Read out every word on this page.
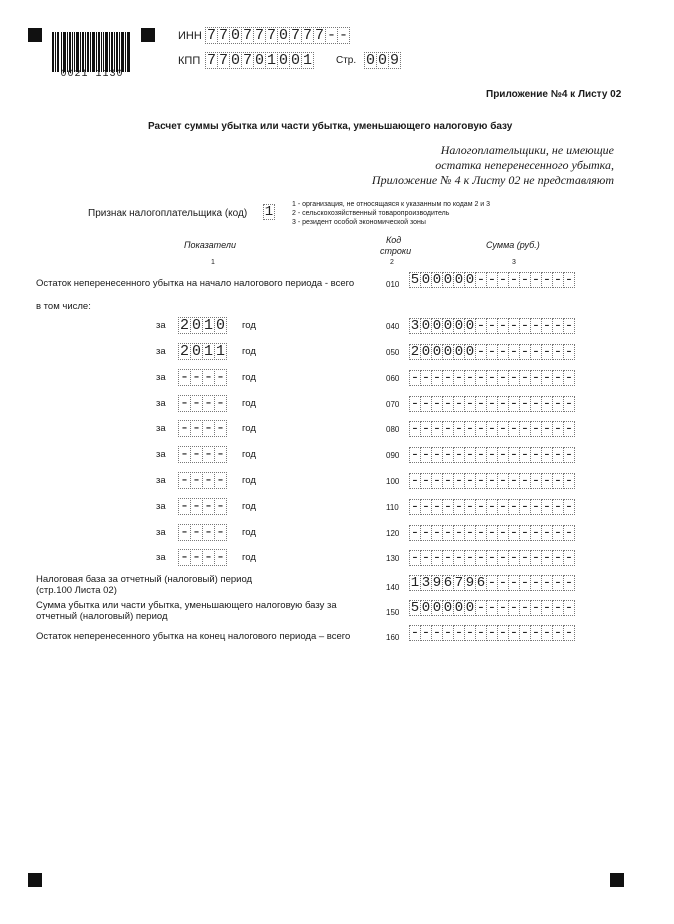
0021 1130
ИНН 7 7 0 7 7 7 0 7 7 7 - -
КПП 7 7 0 7 0 1 0 0 1 Стр. 0 0 9
Приложение №4 к Листу 02
Расчет суммы убытка или части убытка, уменьшающего налоговую базу
Налогоплательщики, не имеющие
остатка неперенесенного убытка,
Приложение № 4 к Листу 02 не представляют
Признак налогоплательщика (код) 1	1 - организация, не относящаяся к указанным по кодам 2 и 3
2 - сельскохозяйственный товаропроизводитель
3 - резидент особой экономической зоны
Показатели	Код
строки
Сумма (руб.)
1	2	3
Остаток неперенесенного убытка на начало налогового периода - всего	010 5 0 0 0 0 0 - - - - - - - - -
в том числе:
за 2 0 1 0 год	040 3 0 0 0 0 0 - - - - - - - - -
за 2 0 1 1 год	050 2 0 0 0 0 0 - - - - - - - - -
за - - - - год	060 - - - - - - - - - - - - - - -
за - - - - год	070 - - - - - - - - - - - - - - -
за - - - - год	080 - - - - - - - - - - - - - - -
за - - - - год	090 - - - - - - - - - - - - - - -
за - - - - год	100 - - - - - - - - - - - - - - -
за - - - - год	110 - - - - - - - - - - - - - - -
за - - - - год	120 - - - - - - - - - - - - - - -
за - - - - год	130 - - - - - - - - - - - - - - -
Налоговая база за отчетный (налоговый) период
(стр.100 Листа 02)	140 1 3 9 6 7 9 6 - - - - - - - -
Сумма убытка или части убытка, уменьшающего налоговую базу за
отчетный (налоговый) период	150 5 0 0 0 0 0 - - - - - - - - -
Остаток неперенесенного убытка на конец налогового периода – всего	160 - - - - - - - - - - - - - - -
